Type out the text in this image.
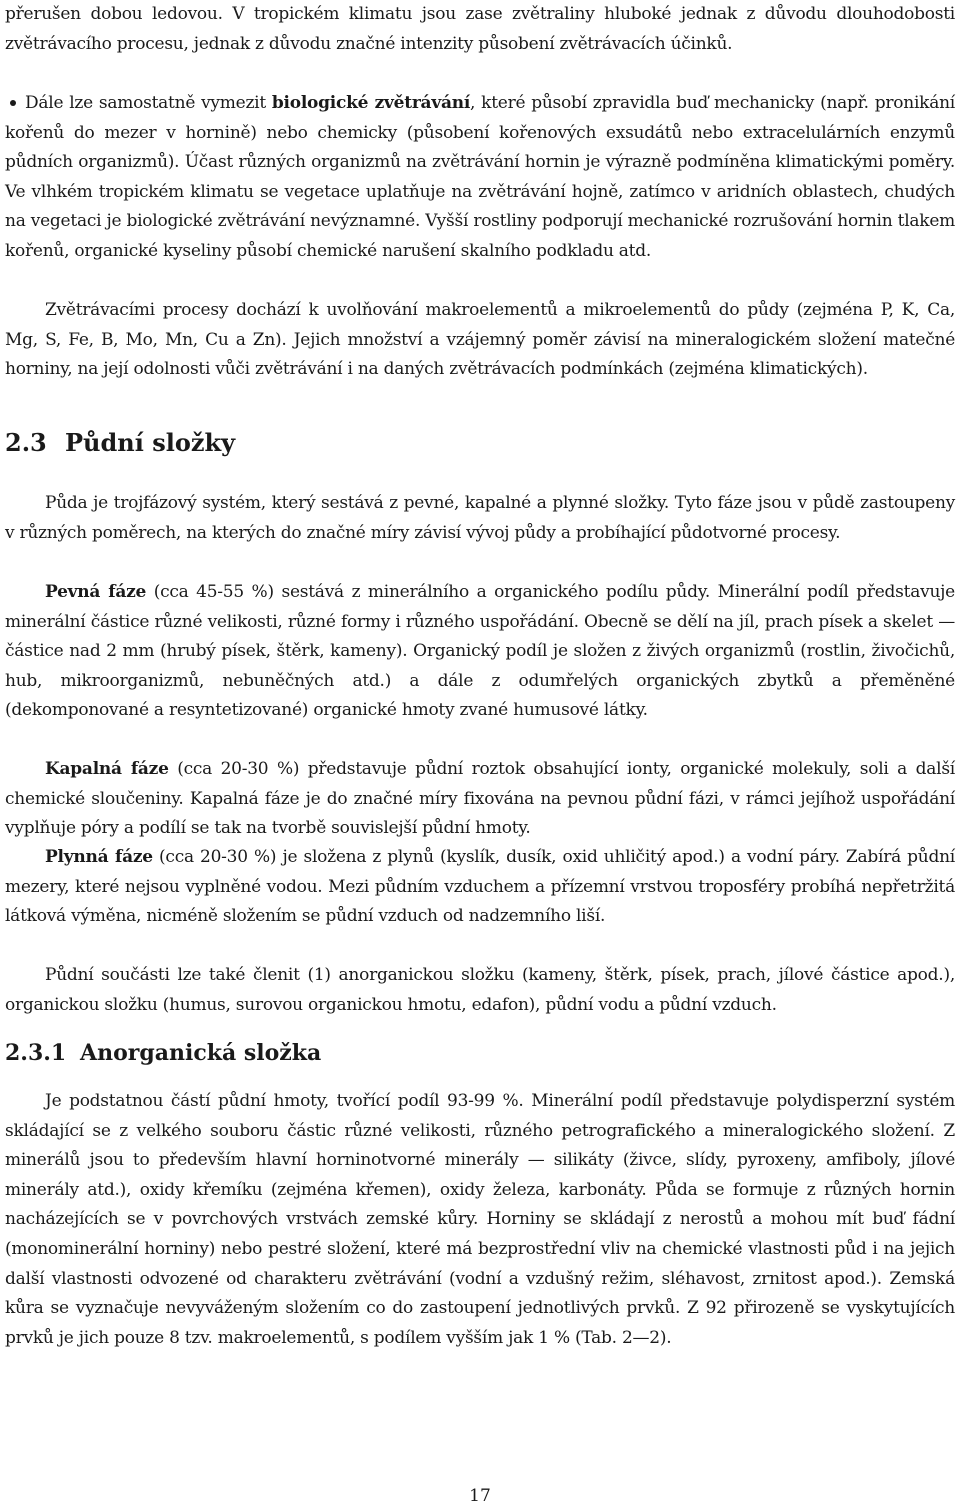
přerušen dobou ledovou. V tropickém klimatu jsou zase zvětraliny hluboké jednak z důvodu dlouhodobosti zvětrávacího procesu, jednak z důvodu značné intenzity působení zvětrávacích účinků.

Dále lze samostatně vymezit biologické zvětrávání, které působí zpravidla buď mechanicky (např. pronikání kořenů do mezer v hornině) nebo chemicky (působení kořenových exsudátů nebo extracelulárních enzymů půdních organizmů). Účast různých organizmů na zvětrávání hornin je výrazně podmíněna klimatickými poměry. Ve vlhkém tropickém klimatu se vegetace uplatňuje na zvětrávání hojně, zatímco v aridních oblastech, chudých na vegetaci je biologické zvětrávání nevýznamné. Vyšší rostliny podporují mechanické rozrušování hornin tlakem kořenů, organické kyseliny působí chemické narušení skalního podkladu atd.

Zvětrávacími procesy dochází k uvolňování makroelementů a mikroelementů do půdy (zejména P, K, Ca, Mg, S, Fe, B, Mo, Mn, Cu a Zn). Jejich množství a vzájemný poměr závisí na mineralogickém složení matečné horniny, na její odolnosti vůči zvětrávání i na daných zvětrávacích podmínkách (zejména klimatických).

2.3 Půdní složky

Půda je trojfázový systém, který sestává z pevné, kapalné a plynné složky. Tyto fáze jsou v půdě zastoupeny v různých poměrech, na kterých do značné míry závisí vývoj půdy a probíhající půdotvorné procesy.

Pevná fáze (cca 45-55 %) sestává z minerálního a organického podílu půdy. Minerální podíl představuje minerální částice různé velikosti, různé formy i různého uspořádání. Obecně se dělí na jíl, prach písek a skelet — částice nad 2 mm (hrubý písek, štěrk, kameny). Organický podíl je složen z živých organizmů (rostlin, živočichů, hub, mikroorganizmů, nebuněčných atd.) a dále z odumřelých organických zbytků a přeměněné (dekomponované a resyntetizované) organické hmoty zvané humusové látky.

Kapalná fáze (cca 20-30 %) představuje půdní roztok obsahující ionty, organické molekuly, soli a další chemické sloučeniny. Kapalná fáze je do značné míry fixována na pevnou půdní fázi, v rámci jejíhož uspořádání vyplňuje póry a podílí se tak na tvorbě souvislejší půdní hmoty.

Plynná fáze (cca 20-30 %) je složena z plynů (kyslík, dusík, oxid uhličitý apod.) a vodní páry. Zabírá půdní mezery, které nejsou vyplněné vodou. Mezi půdním vzduchem a přízemní vrstvou troposféry probíhá nepřetržitá látková výměna, nicméně složením se půdní vzduch od nadzemního liší.

Půdní součásti lze také členit (1) anorganickou složku (kameny, štěrk, písek, prach, jílové částice apod.), organickou složku (humus, surovou organickou hmotu, edafon), půdní vodu a půdní vzduch.

2.3.1 Anorganická složka

Je podstatnou částí půdní hmoty, tvořící podíl 93-99 %. Minerální podíl představuje polydisperzní systém skládající se z velkého souboru částic různé velikosti, různého petrografického a mineralogického složení. Z minerálů jsou to především hlavní horninotvorné minerály — silikáty (živce, slídy, pyroxeny, amfiboly, jílové minerály atd.), oxidy křemíku (zejména křemen), oxidy železa, karbonáty. Půda se formuje z různých hornin nacházejících se v povrchových vrstvách zemské kůry. Horniny se skládají z nerostů a mohou mít buď fádní (monominerální horniny) nebo pestré složení, které má bezprostřední vliv na chemické vlastnosti půd i na jejich další vlastnosti odvozené od charakteru zvětrávání (vodní a vzdušný režim, sléhavost, zrnitost apod.). Zemská kůra se vyznačuje nevyváženým složením co do zastoupení jednotlivých prvků. Z 92 přirozeně se vyskytujících prvků je jich pouze 8 tzv. makroelementů, s podílem vyšším jak 1 % (Tab. 2—2).

17
